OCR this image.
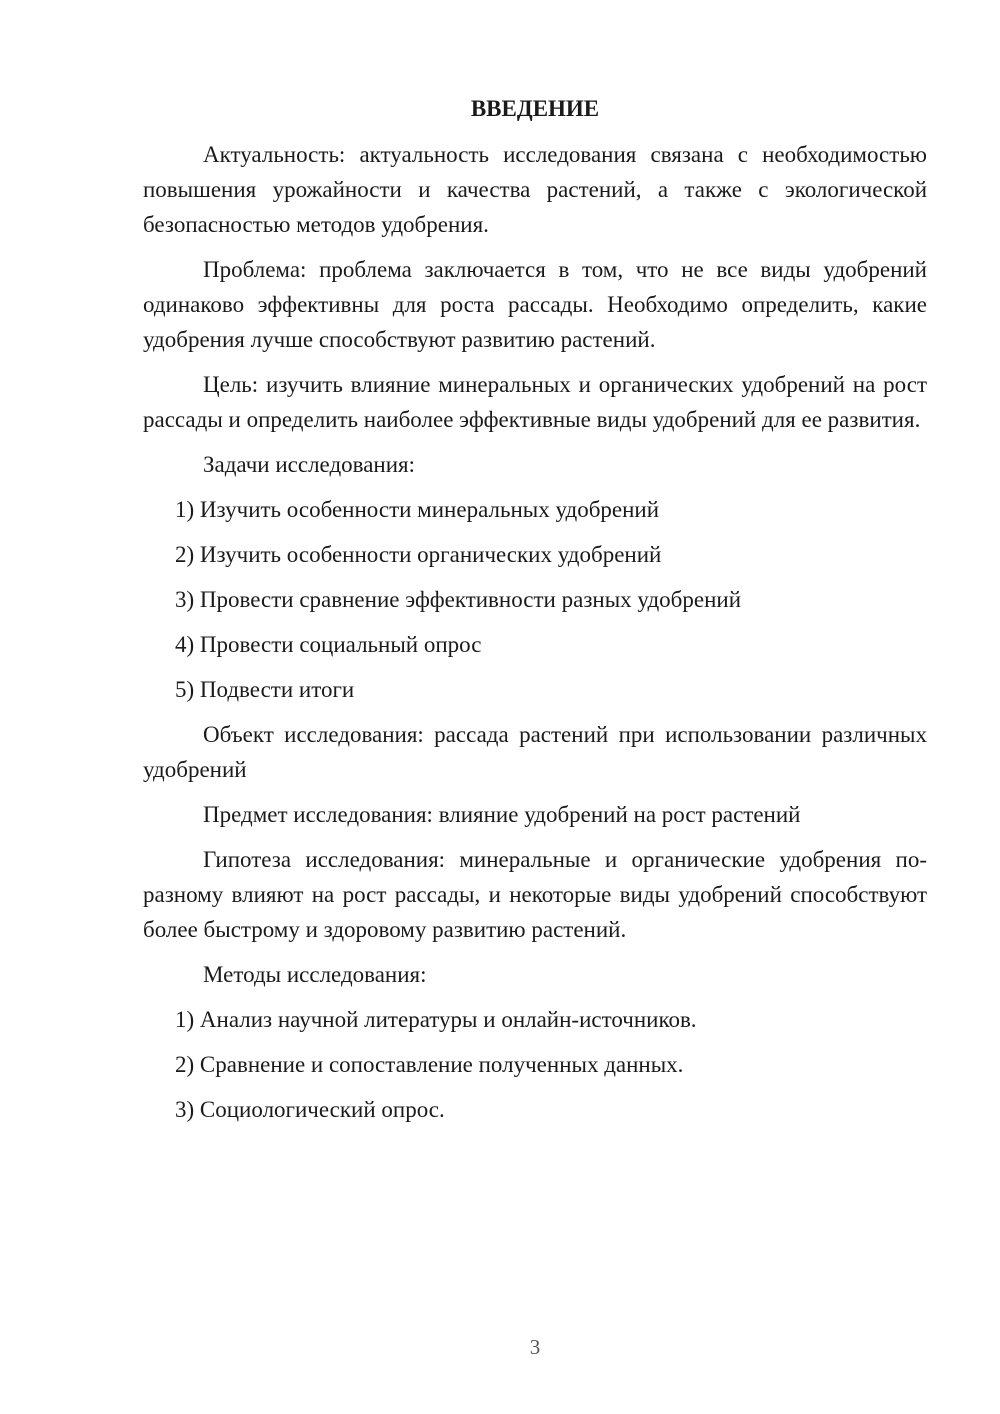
ВВЕДЕНИЕ

Актуальность: актуальность исследования связана с необходимостью повышения урожайности и качества растений, а также с экологической безопасностью методов удобрения.

Проблема: проблема заключается в том, что не все виды удобрений одинаково эффективны для роста рассады. Необходимо определить, какие удобрения лучше способствуют развитию растений.

Цель: изучить влияние минеральных и органических удобрений на рост рассады и определить наиболее эффективные виды удобрений для ее развития.

Задачи исследования:

1) Изучить особенности минеральных удобрений
2) Изучить особенности органических удобрений
3) Провести сравнение эффективности разных удобрений
4) Провести социальный опрос
5) Подвести итоги

Объект исследования: рассада растений при использовании различных удобрений

Предмет исследования: влияние удобрений на рост растений

Гипотеза исследования: минеральные и органические удобрения по-разному влияют на рост рассады, и некоторые виды удобрений способствуют более быстрому и здоровому развитию растений.

Методы исследования:

1) Анализ научной литературы и онлайн-источников.
2) Сравнение и сопоставление полученных данных.
3) Социологический опрос.
3
